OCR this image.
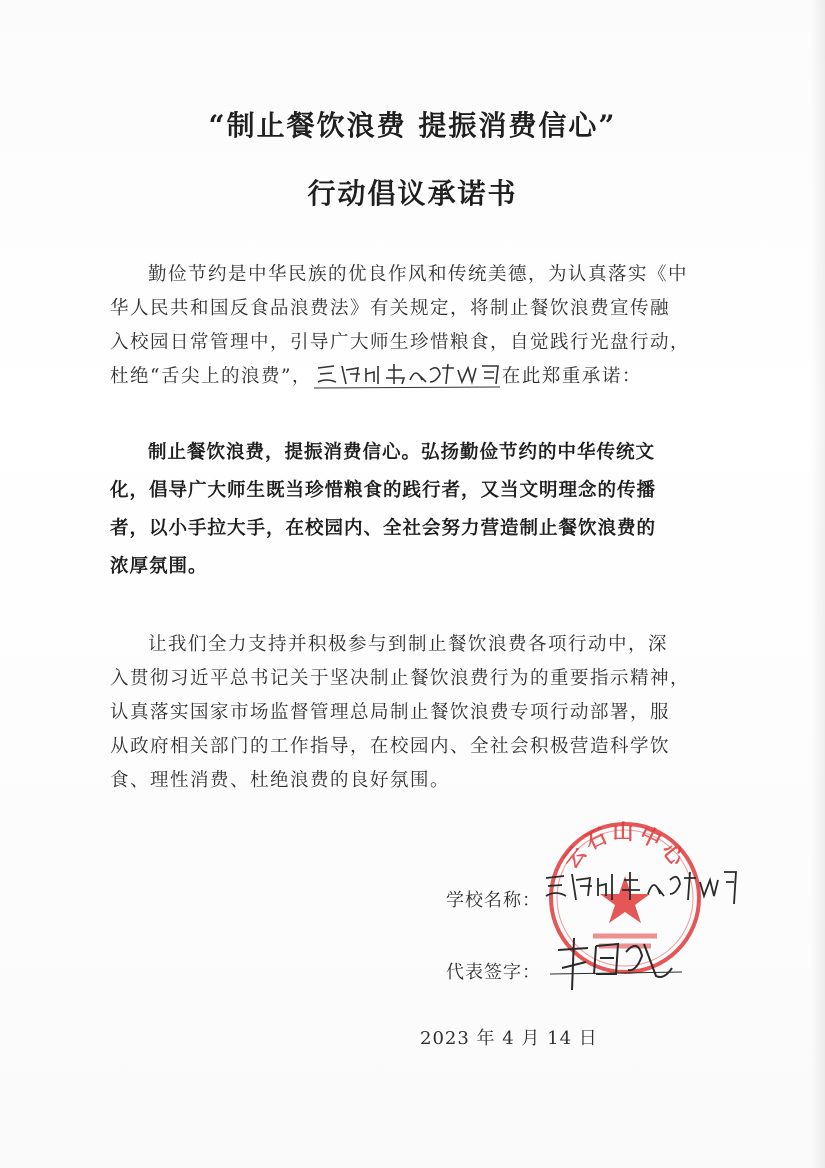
“制止餐饮浪费 提振消费信心”
行动倡议承诺书
勤俭节约是中华民族的优良作风和传统美德，为认真落实《中
华人民共和国反食品浪费法》有关规定，将制止餐饮浪费宣传融
入校园日常管理中，引导广大师生珍惜粮食，自觉践行光盘行动，
杜绝“舌尖上的浪费”，	在此郑重承诺：
制止餐饮浪费，提振消费信心。弘扬勤俭节约的中华传统文
化，倡导广大师生既当珍惜粮食的践行者，又当文明理念的传播
者，以小手拉大手，在校园内、全社会努力营造制止餐饮浪费的
浓厚氛围。
让我们全力支持并积极参与到制止餐饮浪费各项行动中，深
入贯彻习近平总书记关于坚决制止餐饮浪费行为的重要指示精神，
认真落实国家市场监督管理总局制止餐饮浪费专项行动部署，服
从政府相关部门的工作指导，在校园内、全社会积极营造科学饮
食、理性消费、杜绝浪费的良好氛围。
云石山中心
学校名称：
代表签字：
2023 年 4 月 14 日
